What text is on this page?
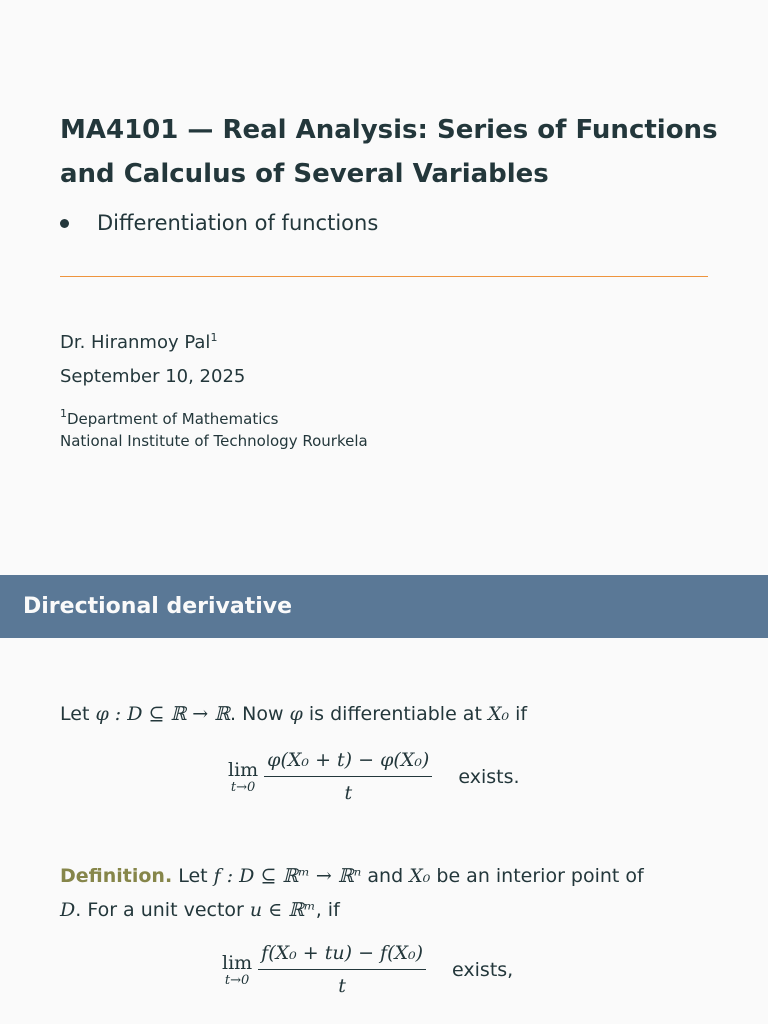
MA4101 — Real Analysis: Series of Functions and Calculus of Several Variables
Differentiation of functions
Dr. Hiranmoy Pal$^1$
September 10, 2025
$^1$Department of Mathematics
National Institute of Technology Rourkela
Directional derivative
Let φ : D ⊆ ℝ → ℝ. Now φ is differentiable at X₀ if
lim
$t\to 0 \frac{\text{φ(X₀ + t) − φ(X₀)}}{t}$ exists.
Definition. Let f : D ⊆ ℝᵐ → ℝⁿ and X₀ be an interior point of
D. For a unit vector u ∈ ℝᵐ, if
lim
$t\to 0 \frac{\text{f(X₀ + tu) − f(X₀)}}{t}$ exists,
